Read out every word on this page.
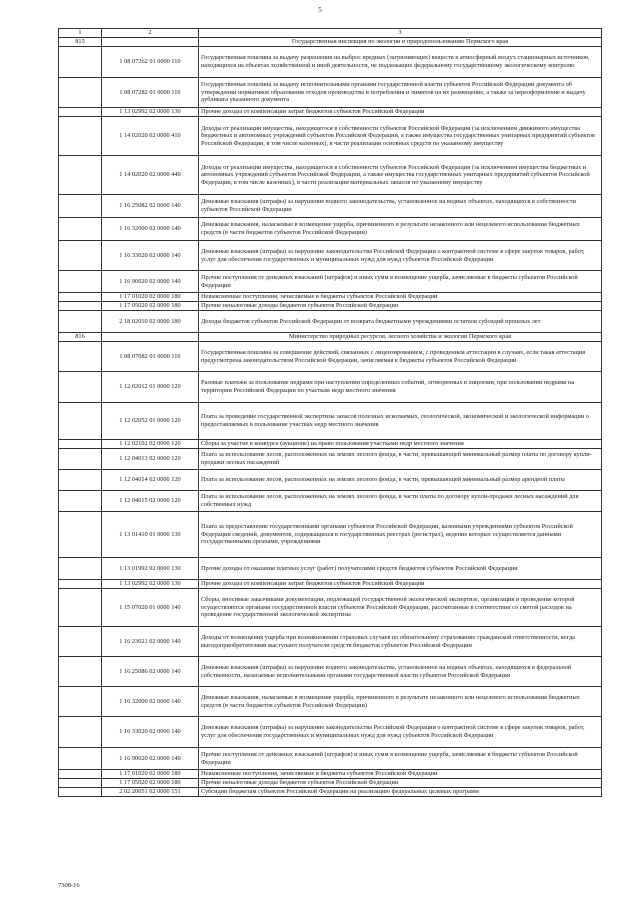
5
1	2	3
815		Государственная инспекция по экологии и природопользованию Пермского края
	1 08 07262 01 0000 110	Государственная пошлина за выдачу разрешения на выброс вредных (загрязняющих) веществ в атмосферный воздух стационарных источников, находящихся на объектах хозяйственной и иной деятельности, не подлежащих федеральному государственному экологическому контролю
	1 08 07282 01 0000 110	Государственная пошлина за выдачу исполнительными органами государственной власти субъектов Российской Федерации документа об утверждении нормативов образования отходов производства и потребления и лимитов на их размещение, а также за переоформление и выдачу дубликата указанного документа
	1 13 02992 02 0000 130	Прочие доходы от компенсации затрат бюджетов субъектов Российской Федерации
	1 14 02020 02 0000 410	Доходы от реализации имущества, находящегося в собственности субъектов Российской Федерации (за исключением движимого имущества бюджетных и автономных учреждений субъектов Российской Федерации, а также имущества государственных унитарных предприятий субъектов Российской Федерации, в том числе казенных), в части реализации основных средств по указанному имуществу
	1 14 02020 02 0000 440	Доходы от реализации имущества, находящегося в собственности субъектов Российской Федерации (за исключением имущества бюджетных и автономных учреждений субъектов Российской Федерации, а также имущества государственных унитарных предприятий субъектов Российской Федерации, в том числе казенных), в части реализации материальных запасов по указанному имуществу
	1 16 25082 02 0000 140	Денежные взыскания (штрафы) за нарушение водного законодательства, установленное на водных объектах, находящихся в собственности субъектов Российской Федерации
	1 16 32000 02 0000 140	Денежные взыскания, налагаемые в возмещение ущерба, причиненного в результате незаконного или нецелевого использования бюджетных средств (в части бюджетов субъектов Российской Федерации)
	1 16 33020 02 0000 140	Денежные взыскания (штрафы) за нарушение законодательства Российской Федерации о контрактной системе в сфере закупок товаров, работ, услуг для обеспечения государственных и муниципальных нужд для нужд субъектов Российской Федерации
	1 16 90020 02 0000 140	Прочие поступления от денежных взысканий (штрафов) и иных сумм в возмещение ущерба, зачисляемые в бюджеты субъектов Российской Федерации
	1 17 01020 02 0000 180	Невыясненные поступления, зачисляемые в бюджеты субъектов Российской Федерации
	1 17 05020 02 0000 180	Прочие неналоговые доходы бюджетов субъектов Российской Федерации
	2 18 02010 02 0000 180	Доходы бюджетов субъектов Российской Федерации от возврата бюджетными учреждениями остатков субсидий прошлых лет
816		Министерство природных ресурсов, лесного хозяйства и экологии Пермского края
	1 08 07082 01 0000 110	Государственная пошлина за совершение действий, связанных с лицензированием, с проведением аттестации в случаях, если такая аттестация предусмотрена законодательством Российской Федерации, зачисляемая в бюджеты субъектов Российской Федерации
	1 12 02012 01 0000 120	Разовые платежи за пользование недрами при наступлении определенных событий, оговоренных в лицензии, при пользовании недрами на территории Российской Федерации по участкам недр местного значения
	1 12 02052 01 0000 120	Плата за проведение государственной экспертизы запасов полезных ископаемых, геологической, экономической и экологической информации о предоставляемых в пользование участках недр местного значения
	1 12 02102 02 0000 120	Сборы за участие в конкурсе (аукционе) на право пользования участками недр местного значения
	1 12 04013 02 0000 120	Плата за использование лесов, расположенных на землях лесного фонда, в части, превышающей минимальный размер платы по договору купли-продажи лесных насаждений
	1 12 04014 02 0000 120	Плата за использование лесов, расположенных на землях лесного фонда, в части, превышающей минимальный размер арендной платы
	1 12 04015 02 0000 120	Плата за использование лесов, расположенных на землях лесного фонда, в части платы по договору купли-продажи лесных насаждений для собственных нужд
	1 13 01410 01 0000 130	Плата за предоставление государственными органами субъектов Российской Федерации, казенными учреждениями субъектов Российской Федерации сведений, документов, содержащихся в государственных реестрах (регистрах), ведение которых осуществляется данными государственными органами, учреждениями
	1 13 01992 02 0000 130	Прочие доходы от оказания платных услуг (работ) получателями средств бюджетов субъектов Российской Федерации
	1 13 02992 02 0000 130	Прочие доходы от компенсации затрат бюджетов субъектов Российской Федерации
	1 15 07020 01 0000 140	Сборы, вносимые заказчиками документации, подлежащей государственной экологической экспертизе, организация и проведение которой осуществляется органами государственной власти субъектов Российской Федерации, рассчитанные в соответствии со сметой расходов на проведение государственной экологической экспертизы
	1 16 23021 02 0000 140	Доходы от возмещения ущерба при возникновении страховых случаев по обязательному страхованию гражданской ответственности, когда выгодоприобретателями выступают получатели средств бюджетов субъектов Российской Федерации
	1 16 25086 02 0000 140	Денежные взыскания (штрафы) за нарушение водного законодательства, установленное на водных объектах, находящихся в федеральной собственности, налагаемые исполнительными органами государственной власти субъектов Российской Федерации
	1 16 32000 02 0000 140	Денежные взыскания, налагаемые в возмещение ущерба, причиненного в результате незаконного или нецелевого использования бюджетных средств (в части бюджетов субъектов Российской Федерации)
	1 16 33020 02 0000 140	Денежные взыскания (штрафы) за нарушение законодательства Российской Федерации о контрактной системе в сфере закупок товаров, работ, услуг для обеспечения государственных и муниципальных нужд для нужд субъектов Российской Федерации
	1 16 90020 02 0000 140	Прочие поступления от денежных взысканий (штрафов) и иных сумм в возмещение ущерба, зачисляемые в бюджеты субъектов Российской Федерации
	1 17 01020 02 0000 180	Невыясненные поступления, зачисляемые в бюджеты субъектов Российской Федерации
	1 17 05020 02 0000 180	Прочие неналоговые доходы бюджетов субъектов Российской Федерации
	2 02 20051 02 0000 151	Субсидии бюджетам субъектов Российской Федерации на реализацию федеральных целевых программ
7308-16
